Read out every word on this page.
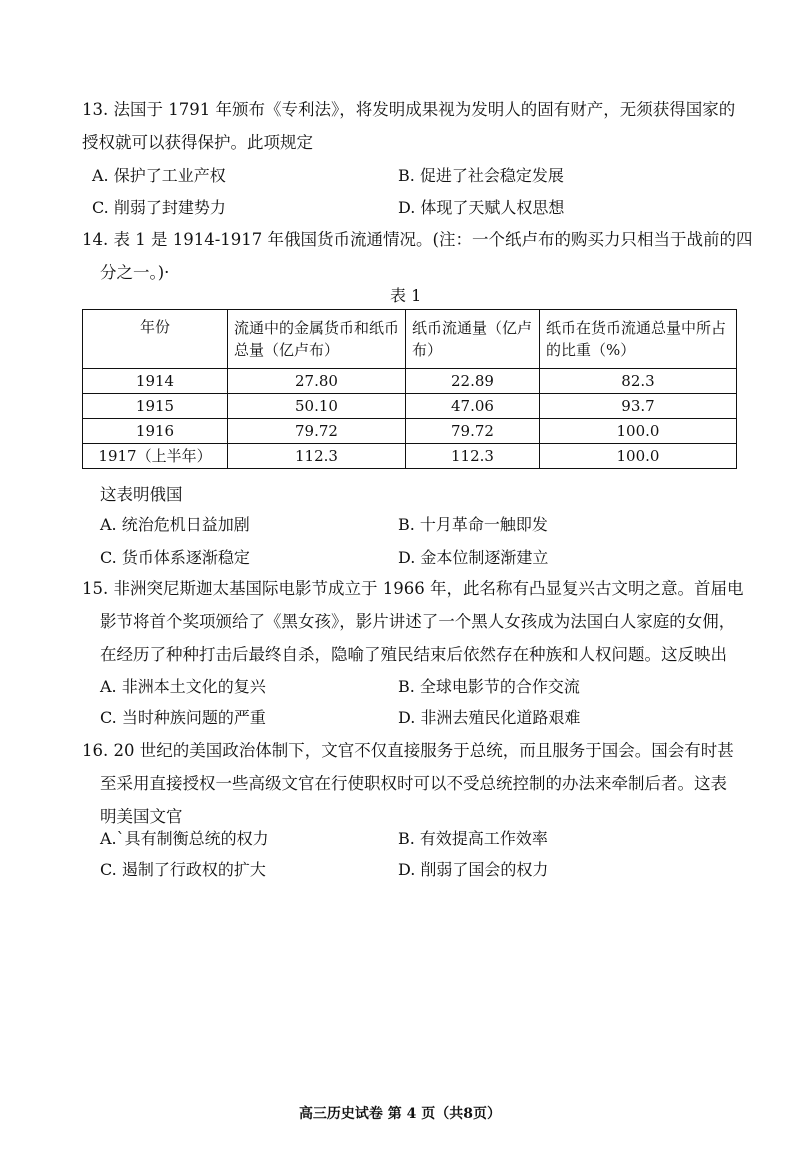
13. 法国于 1791 年颁布《专利法》，将发明成果视为发明人的固有财产，无须获得国家的
授权就可以获得保护。此项规定
A. 保护了工业产权	B. 促进了社会稳定发展
C. 削弱了封建势力	D. 体现了天赋人权思想
14. 表 1 是 1914-1917 年俄国货币流通情况。(注：一个纸卢布的购买力只相当于战前的四
分之一。)·
表 1
年份	流通中的金属货币和纸币总量（亿卢布）	纸币流通量（亿卢布）	纸币在货币流通总量中所占的比重（%）
1914	27.80	22.89	82.3
1915	50.10	47.06	93.7
1916	79.72	79.72	100.0
1917（上半年）	112.3	112.3	100.0
这表明俄国
A. 统治危机日益加剧	B. 十月革命一触即发
C. 货币体系逐渐稳定	D. 金本位制逐渐建立
15. 非洲突尼斯迦太基国际电影节成立于 1966 年，此名称有凸显复兴古文明之意。首届电
影节将首个奖项颁给了《黑女孩》，影片讲述了一个黑人女孩成为法国白人家庭的女佣，
在经历了种种打击后最终自杀，隐喻了殖民结束后依然存在种族和人权问题。这反映出
A. 非洲本土文化的复兴	B. 全球电影节的合作交流
C. 当时种族问题的严重	D. 非洲去殖民化道路艰难
16. 20 世纪的美国政治体制下，文官不仅直接服务于总统，而且服务于国会。国会有时甚
至采用直接授权一些高级文官在行使职权时可以不受总统控制的办法来牵制后者。这表
明美国文官
A.`具有制衡总统的权力	B. 有效提高工作效率
C. 遏制了行政权的扩大	D. 削弱了国会的权力
高三历史试卷 第 4 页（共8页）
